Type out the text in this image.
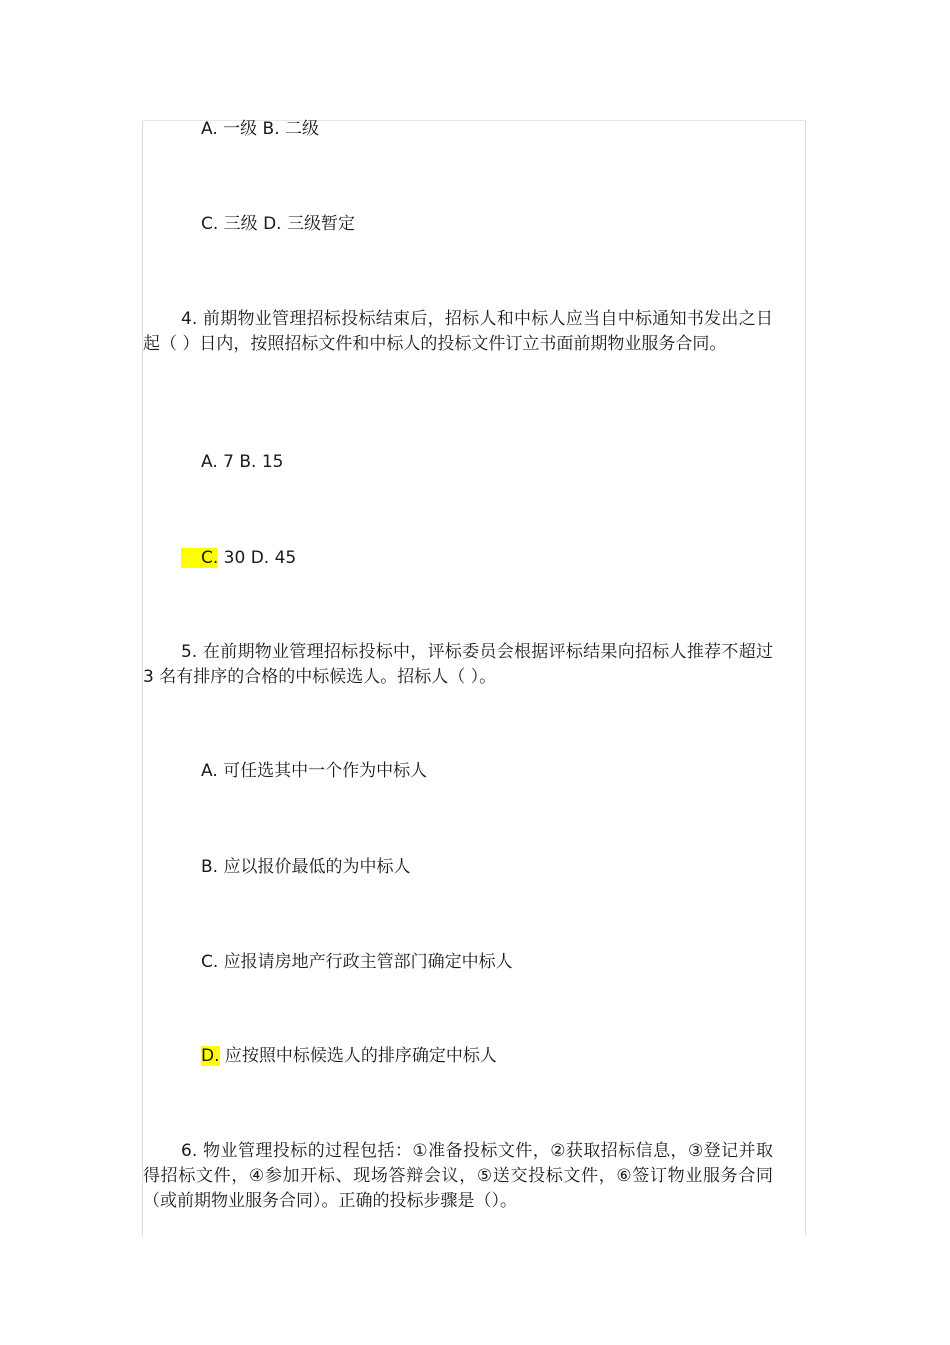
A. 一级 B. 二级

C. 三级 D. 三级暂定

4. 前期物业管理招标投标结束后，招标人和中标人应当自中标通知书发出之日起（ ）日内，按照招标文件和中标人的投标文件订立书面前期物业服务合同。

A. 7 B. 15

C. 30 D. 45

5. 在前期物业管理招标投标中，评标委员会根据评标结果向招标人推荐不超过 3 名有排序的合格的中标候选人。招标人（ ）。

A. 可任选其中一个作为中标人

B. 应以报价最低的为中标人

C. 应报请房地产行政主管部门确定中标人

D. 应按照中标候选人的排序确定中标人

6. 物业管理投标的过程包括：①准备投标文件，②获取招标信息，③登记并取得招标文件，④参加开标、现场答辩会议，⑤送交投标文件，⑥签订物业服务合同（或前期物业服务合同）。正确的投标步骤是（）。
